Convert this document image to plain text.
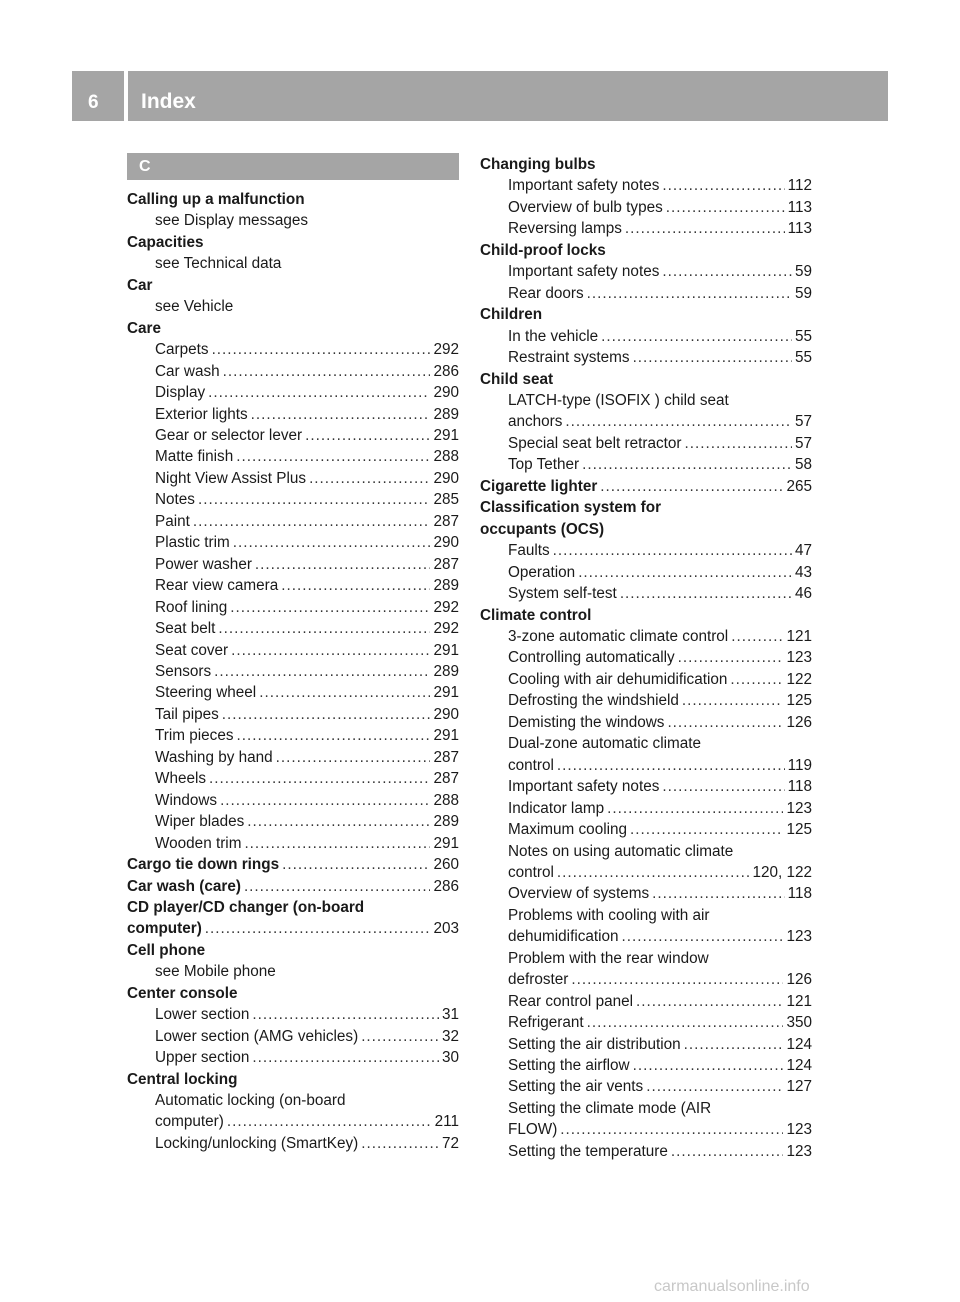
6 Index
C
Calling up a malfunction
see Display messages
Capacities
see Technical data
Car
see Vehicle
Care
Carpets .....	292
Car wash .....	286
Display .....	290
Exterior lights .....	289
Gear or selector lever .....	291
Matte finish .....	288
Night View Assist Plus .....	290
Notes .....	285
Paint .....	287
Plastic trim .....	290
Power washer .....	287
Rear view camera .....	289
Roof lining .....	292
Seat belt .....	292
Seat cover .....	291
Sensors .....	289
Steering wheel .....	291
Tail pipes .....	290
Trim pieces .....	291
Washing by hand .....	287
Wheels .....	287
Windows .....	288
Wiper blades .....	289
Wooden trim .....	291
Cargo tie down rings .....	260
Car wash (care) .....	286
CD player/CD changer (on-board
computer) .....	203
Cell phone
see Mobile phone
Center console
Lower section .....	31
Lower section (AMG vehicles) .....	32
Upper section .....	30
Central locking
Automatic locking (on-board
computer) .....	211
Locking/unlocking (SmartKey) .....	72
Changing bulbs
Important safety notes .....	112
Overview of bulb types .....	113
Reversing lamps .....	113
Child-proof locks
Important safety notes .....	59
Rear doors .....	59
Children
In the vehicle .....	55
Restraint systems .....	55
Child seat
LATCH-type (ISOFIX ) child seat
anchors .....	57
Special seat belt retractor .....	57
Top Tether .....	58
Cigarette lighter .....	265
Classification system for
occupants (OCS)
Faults .....	47
Operation .....	43
System self-test .....	46
Climate control
3-zone automatic climate control .....	121
Controlling automatically .....	123
Cooling with air dehumidification .....	122
Defrosting the windshield .....	125
Demisting the windows .....	126
Dual-zone automatic climate
control .....	119
Important safety notes .....	118
Indicator lamp .....	123
Maximum cooling .....	125
Notes on using automatic climate
control .....	120, 122
Overview of systems .....	118
Problems with cooling with air
dehumidification .....	123
Problem with the rear window
defroster .....	126
Rear control panel .....	121
Refrigerant .....	350
Setting the air distribution .....	124
Setting the airflow .....	124
Setting the air vents .....	127
Setting the climate mode (AIR
FLOW) .....	123
Setting the temperature .....	123
carmanualsonline.info
